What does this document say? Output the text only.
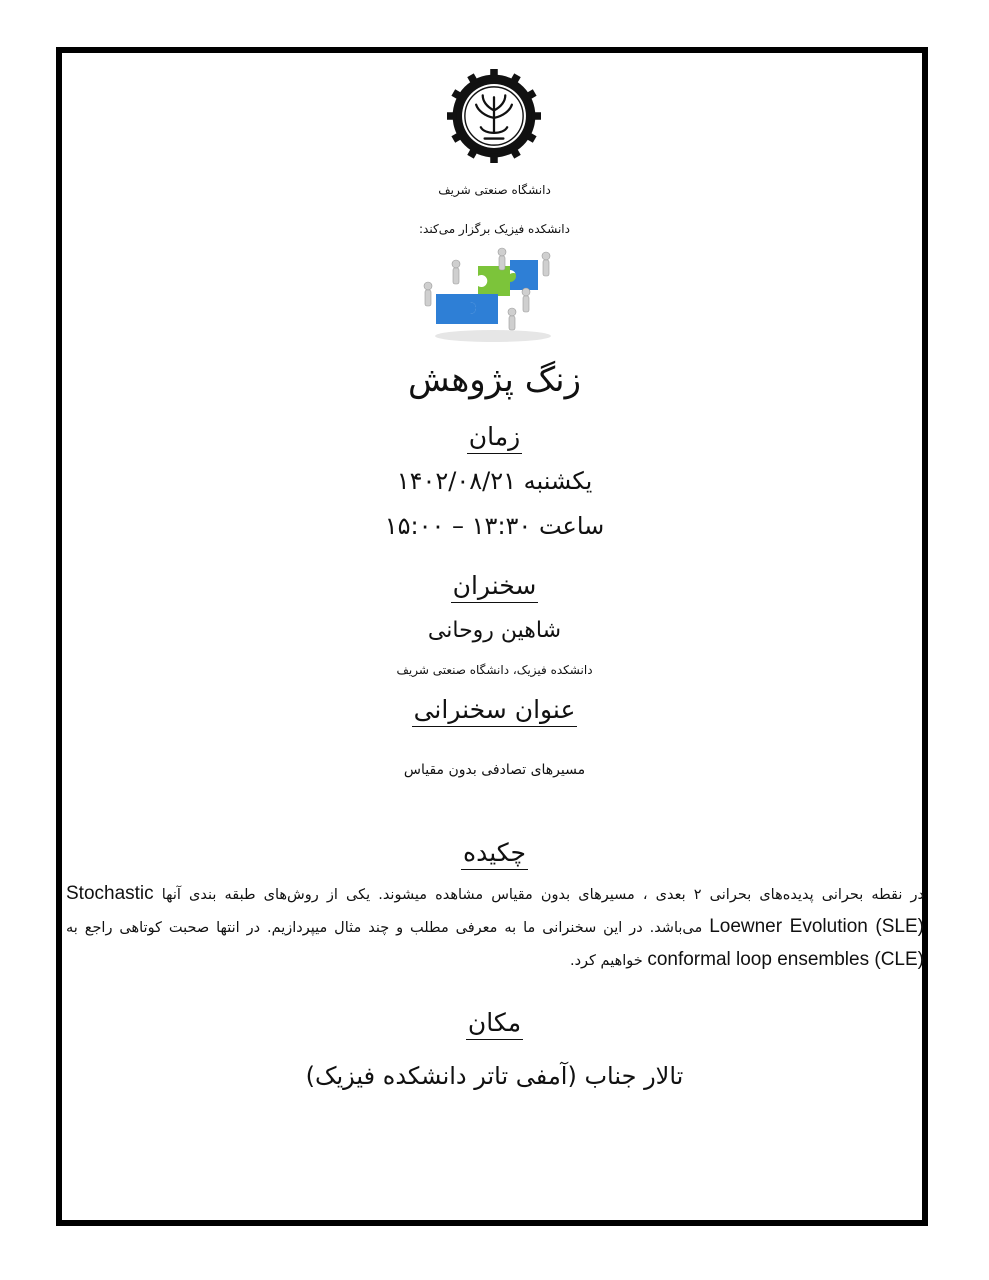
دانشگاه صنعتی شریف
دانشکده فیزیک برگزار می‌کند:
زنگ پژوهش
زمان
یکشنبه ۱۴۰۲/۰۸/۲۱
ساعت ۱۳:۳۰ – ۱۵:۰۰
سخنران
شاهین روحانی
دانشکده فیزیک، دانشگاه صنعتی شریف
عنوان سخنرانی
مسیرهای تصادفی بدون مقیاس
چکیده
در نقطه بحرانی پدیده‌های بحرانی ۲ بعدی ، مسیرهای بدون مقیاس مشاهده میشوند. یکی از روش‌های طبقه بندی آنها Stochastic Loewner Evolution (SLE) می‌باشد. در این سخنرانی ما به معرفی مطلب و چند مثال میپردازیم. در انتها صحبت کوتاهی راجع به conformal loop ensembles (CLE) خواهیم کرد.
مکان
تالار جناب (آمفی تاتر دانشکده فیزیک)
